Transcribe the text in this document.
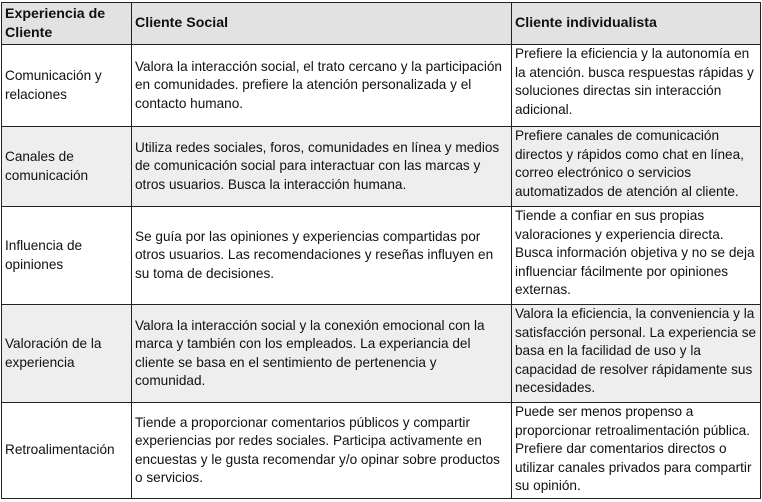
Experiencia de Cliente	Cliente Social	Cliente individualista
Comunicación y relaciones	Valora la interacción social, el trato cercano y la participación en comunidades. prefiere la atención personalizada y el contacto humano.	Prefiere la eficiencia y la autonomía en la atención. busca respuestas rápidas y soluciones directas sin interacción adicional.
Canales de comunicación	Utiliza redes sociales, foros, comunidades en línea y medios de comunicación social para interactuar con las marcas y otros usuarios. Busca la interacción humana.	Prefiere canales de comunicación directos y rápidos como chat en línea, correo electrónico o servicios automatizados de atención al cliente.
Influencia de opiniones	Se guía por las opiniones y experiencias compartidas por otros usuarios. Las recomendaciones y reseñas influyen en su toma de decisiones.	Tiende a confiar en sus propias valoraciones y experiencia directa. Busca información objetiva y no se deja influenciar fácilmente por opiniones externas.
Valoración de la experiencia	Valora la interacción social y la conexión emocional con la marca y también con los empleados. La experiancia del cliente se basa en el sentimiento de pertenencia y comunidad.	Valora la eficiencia, la conveniencia y la satisfacción personal. La experiencia se basa en la facilidad de uso y la capacidad de resolver rápidamente sus necesidades.
Retroalimentación	Tiende a proporcionar comentarios públicos y compartir experiencias por redes sociales. Participa activamente en encuestas y le gusta recomendar y/o opinar sobre productos o servicios.	Puede ser menos propenso a proporcionar retroalimentación pública. Prefiere dar comentarios directos o utilizar canales privados para compartir su opinión.
